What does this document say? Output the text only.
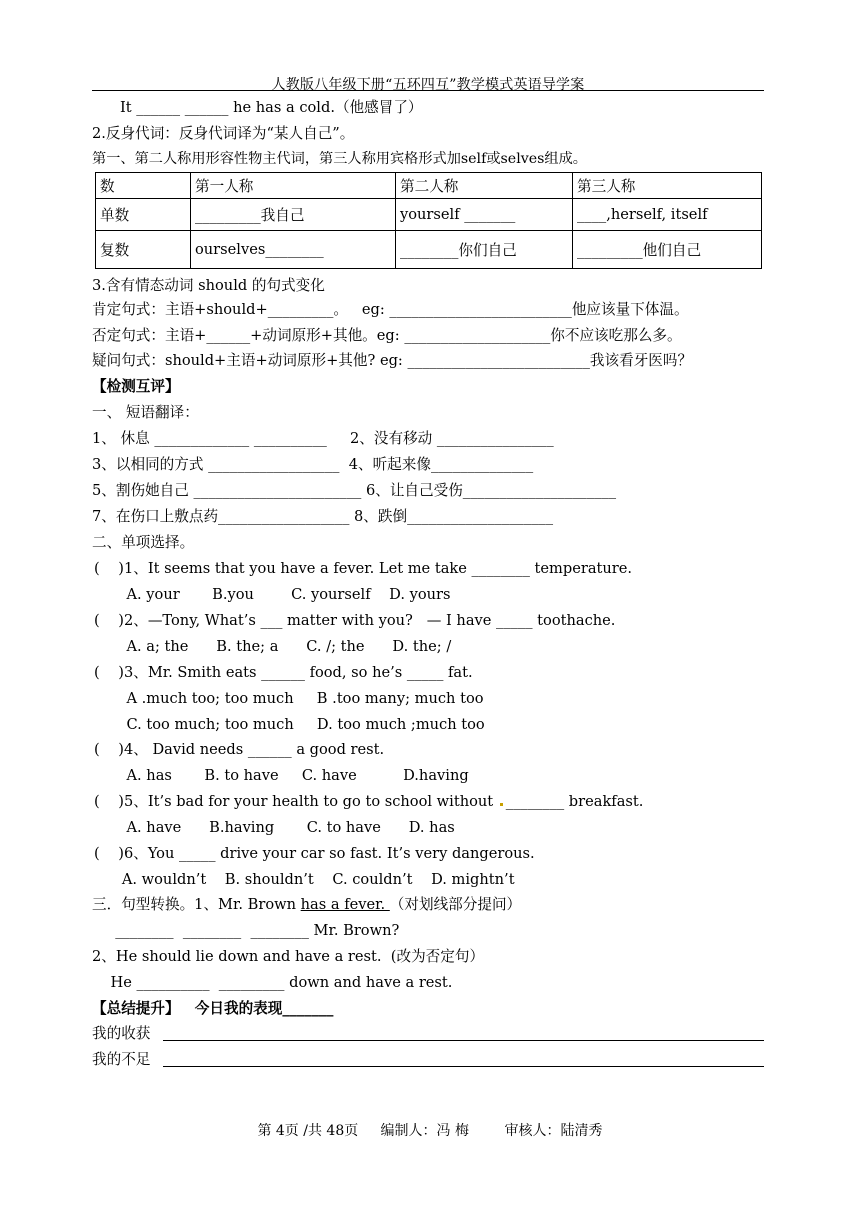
人教版八年级下册“五环四互”教学模式英语导学案
It ______ ______ he has a cold.（他感冒了）
2.反身代词：反身代词译为“某人自己”。
第一、第二人称用形容性物主代词，第三人称用宾格形式加self或selves组成。
数	第一人称	第二人称	第三人称
单数	_________我自己	yourself _______	____,herself, itself
复数	ourselves________	________你们自己	_________他们自己
3.含有情态动词 should 的句式变化
肯定句式：主语+should+_________。   eg: _________________________他应该量下体温。
否定句式：主语+______+动词原形+其他。eg: ____________________你不应该吃那么多。
疑问句式：should+主语+动词原形+其他? eg: _________________________我该看牙医吗？
【检测互评】
一、 短语翻译：
1、 休息 _____________ __________     2、没有移动 ________________
3、以相同的方式 __________________  4、听起来像______________
5、割伤她自己 _______________________ 6、让自己受伤_____________________
7、在伤口上敷点药__________________ 8、跌倒____________________
二、单项选择。
(    )1、It seems that you have a fever. Let me take ________ temperature.
A. your       B.you        C. yourself    D. yours
(    )2、—Tony, What’s ___ matter with you?   — I have _____ toothache.
A. a; the      B. the; a      C. /; the      D. the; /
(    )3、Mr. Smith eats ______ food, so he’s _____ fat.
A .much too; too much     B .too many; much too
C. too much; too much     D. too much ;much too
(    )4、 David needs ______ a good rest.
A. has       B. to have     C. have          D.having
(    )5、It’s bad for your health to go to school without ________ breakfast.
A. have      B.having       C. to have      D. has
(    )6、You _____ drive your car so fast. It’s very dangerous.
A. wouldn’t    B. shouldn’t    C. couldn’t    D. mightn’t
三．句型转换。1、Mr. Brown has a fever. （对划线部分提问）
________  ________  ________ Mr. Brown?
2、He should lie down and have a rest.  (改为否定句）
He __________  _________ down and have a rest.
【总结提升】   今日我的表现_______
我的收获
我的不足
第 4页 /共 48页     编制人：冯 梅        审核人：陆清秀
